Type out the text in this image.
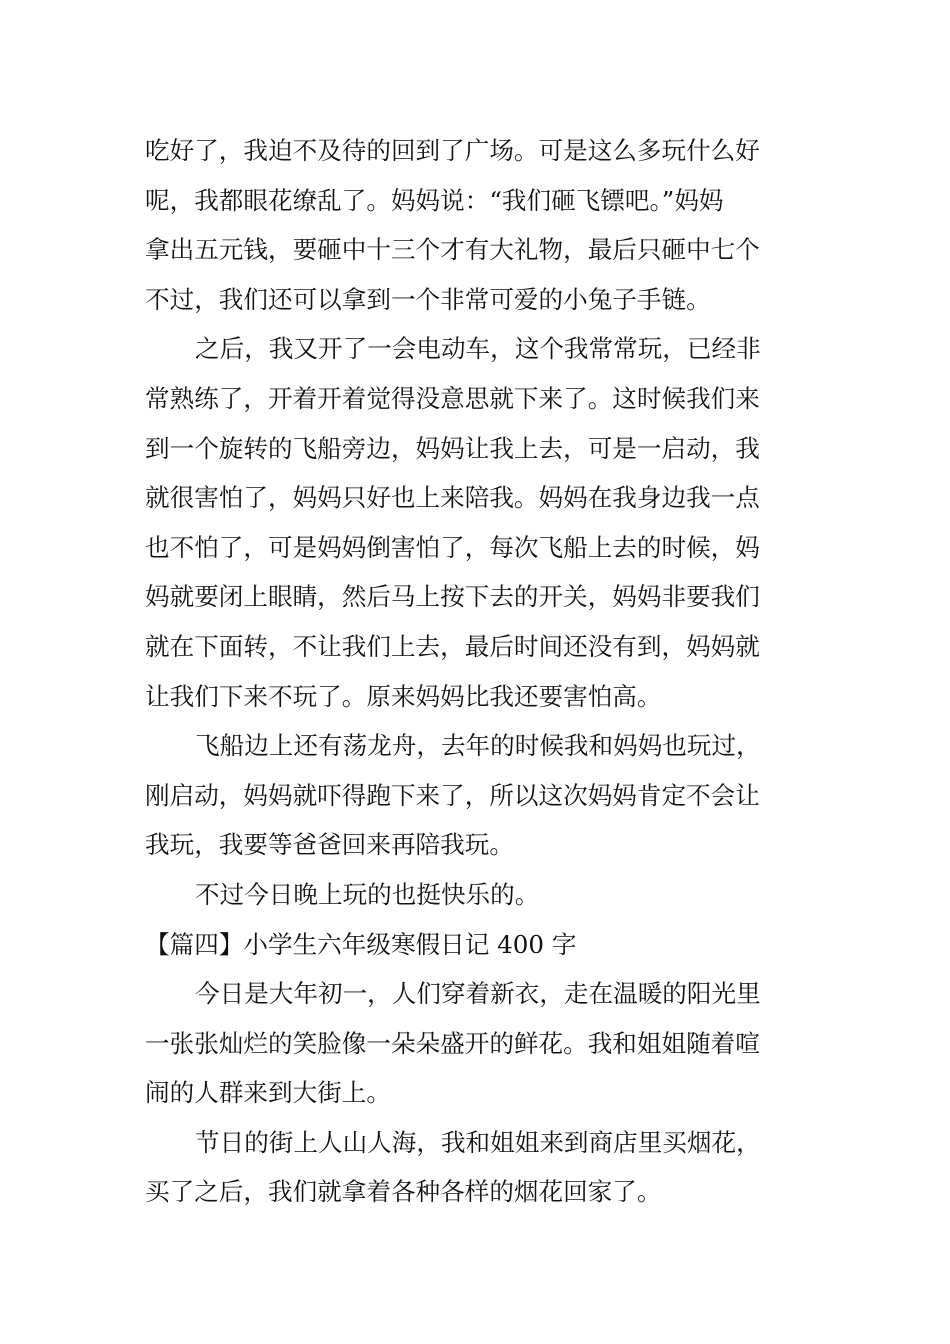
吃好了，我迫不及待的回到了广场。可是这么多玩什么好
呢，我都眼花缭乱了。妈妈说：“我们砸飞镖吧。”妈妈
拿出五元钱，要砸中十三个才有大礼物，最后只砸中七个
不过，我们还可以拿到一个非常可爱的小兔子手链。
之后，我又开了一会电动车，这个我常常玩，已经非
常熟练了，开着开着觉得没意思就下来了。这时候我们来
到一个旋转的飞船旁边，妈妈让我上去，可是一启动，我
就很害怕了，妈妈只好也上来陪我。妈妈在我身边我一点
也不怕了，可是妈妈倒害怕了，每次飞船上去的时候，妈
妈就要闭上眼睛，然后马上按下去的开关，妈妈非要我们
就在下面转，不让我们上去，最后时间还没有到，妈妈就
让我们下来不玩了。原来妈妈比我还要害怕高。
飞船边上还有荡龙舟，去年的时候我和妈妈也玩过，
刚启动，妈妈就吓得跑下来了，所以这次妈妈肯定不会让
我玩，我要等爸爸回来再陪我玩。
不过今日晚上玩的也挺快乐的。
【篇四】小学生六年级寒假日记 400 字
今日是大年初一，人们穿着新衣，走在温暖的阳光里
一张张灿烂的笑脸像一朵朵盛开的鲜花。我和姐姐随着喧
闹的人群来到大街上。
节日的街上人山人海，我和姐姐来到商店里买烟花，
买了之后，我们就拿着各种各样的烟花回家了。
